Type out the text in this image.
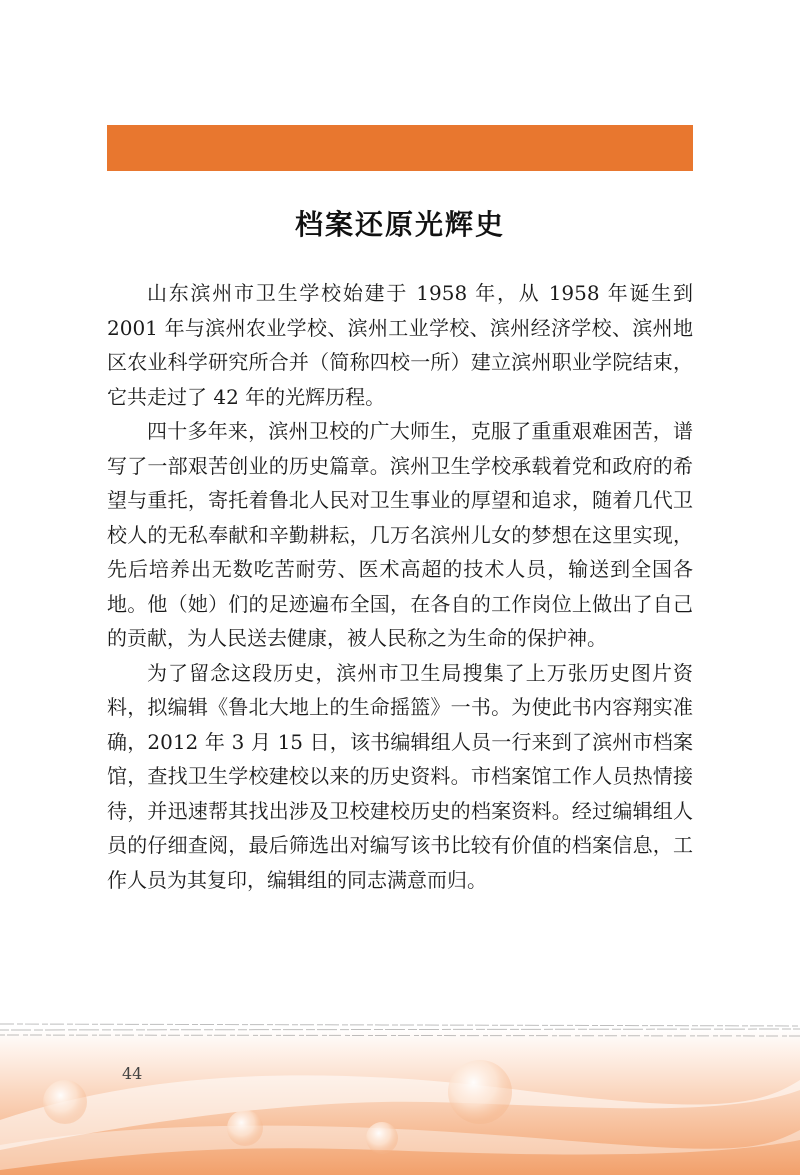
档案还原光辉史

山东滨州市卫生学校始建于 1958 年，从 1958 年诞生到 2001 年与滨州农业学校、滨州工业学校、滨州经济学校、滨州地区农业科学研究所合并（简称四校一所）建立滨州职业学院结束，它共走过了 42 年的光辉历程。

四十多年来，滨州卫校的广大师生，克服了重重艰难困苦，谱写了一部艰苦创业的历史篇章。滨州卫生学校承载着党和政府的希望与重托，寄托着鲁北人民对卫生事业的厚望和追求，随着几代卫校人的无私奉献和辛勤耕耘，几万名滨州儿女的梦想在这里实现，先后培养出无数吃苦耐劳、医术高超的技术人员，输送到全国各地。他（她）们的足迹遍布全国，在各自的工作岗位上做出了自己的贡献，为人民送去健康，被人民称之为生命的保护神。

为了留念这段历史，滨州市卫生局搜集了上万张历史图片资料，拟编辑《鲁北大地上的生命摇篮》一书。为使此书内容翔实准确，2012 年 3 月 15 日，该书编辑组人员一行来到了滨州市档案馆，查找卫生学校建校以来的历史资料。市档案馆工作人员热情接待，并迅速帮其找出涉及卫校建校历史的档案资料。经过编辑组人员的仔细查阅，最后筛选出对编写该书比较有价值的档案信息，工作人员为其复印，编辑组的同志满意而归。

44
